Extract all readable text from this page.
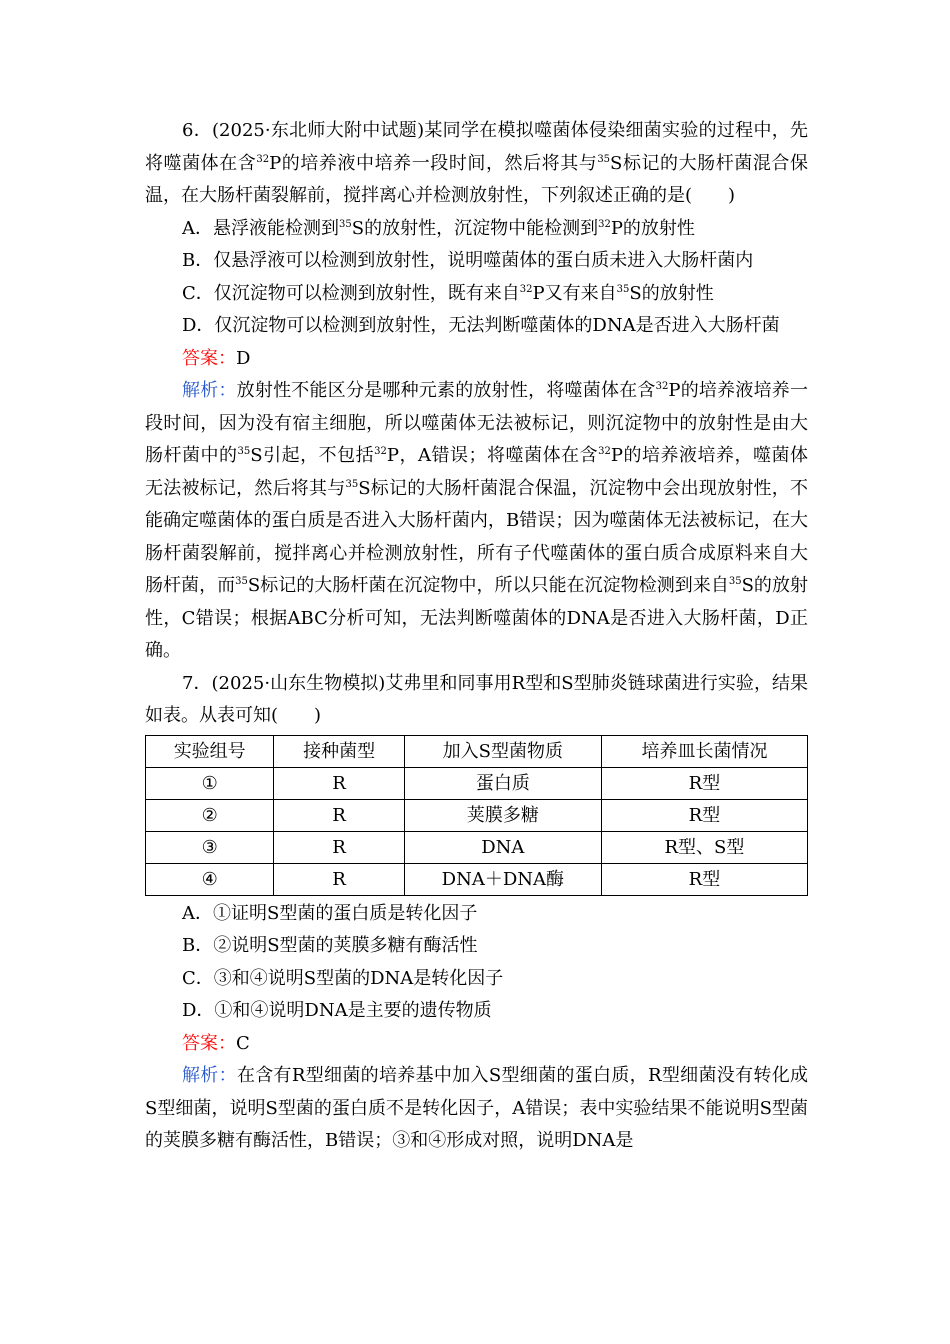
6．(2025·东北师大附中试题)某同学在模拟噬菌体侵染细菌实验的过程中，先将噬菌体在含$^{32}$P的培养液中培养一段时间，然后将其与$^{35}$S标记的大肠杆菌混合保温，在大肠杆菌裂解前，搅拌离心并检测放射性，下列叙述正确的是(　　)

A．悬浮液能检测到$^{35}$S的放射性，沉淀物中能检测到$^{32}$P的放射性

B．仅悬浮液可以检测到放射性，说明噬菌体的蛋白质未进入大肠杆菌内

C．仅沉淀物可以检测到放射性，既有来自$^{32}$P又有来自$^{35}$S的放射性

D．仅沉淀物可以检测到放射性，无法判断噬菌体的DNA是否进入大肠杆菌

答案：D

解析：放射性不能区分是哪种元素的放射性，将噬菌体在含$^{32}$P的培养液培养一段时间，因为没有宿主细胞，所以噬菌体无法被标记，则沉淀物中的放射性是由大肠杆菌中的$^{35}$S引起，不包括$^{32}$P，A错误；将噬菌体在含$^{32}$P的培养液培养，噬菌体无法被标记，然后将其与$^{35}$S标记的大肠杆菌混合保温，沉淀物中会出现放射性，不能确定噬菌体的蛋白质是否进入大肠杆菌内，B错误；因为噬菌体无法被标记，在大肠杆菌裂解前，搅拌离心并检测放射性，所有子代噬菌体的蛋白质合成原料来自大肠杆菌，而$^{35}$S标记的大肠杆菌在沉淀物中，所以只能在沉淀物检测到来自$^{35}$S的放射性，C错误；根据ABC分析可知，无法判断噬菌体的DNA是否进入大肠杆菌，D正确。

7．(2025·山东生物模拟)艾弗里和同事用R型和S型肺炎链球菌进行实验，结果如表。从表可知(　　)

实验组号	接种菌型	加入S型菌物质	培养皿长菌情况
①	R	蛋白质	R型
②	R	荚膜多糖	R型
③	R	DNA	R型、S型
④	R	DNA＋DNA酶	R型

A．①证明S型菌的蛋白质是转化因子

B．②说明S型菌的荚膜多糖有酶活性

C．③和④说明S型菌的DNA是转化因子

D．①和④说明DNA是主要的遗传物质

答案：C

解析：在含有R型细菌的培养基中加入S型细菌的蛋白质，R型细菌没有转化成S型细菌，说明S型菌的蛋白质不是转化因子，A错误；表中实验结果不能说明S型菌的荚膜多糖有酶活性，B错误；③和④形成对照，说明DNA是
